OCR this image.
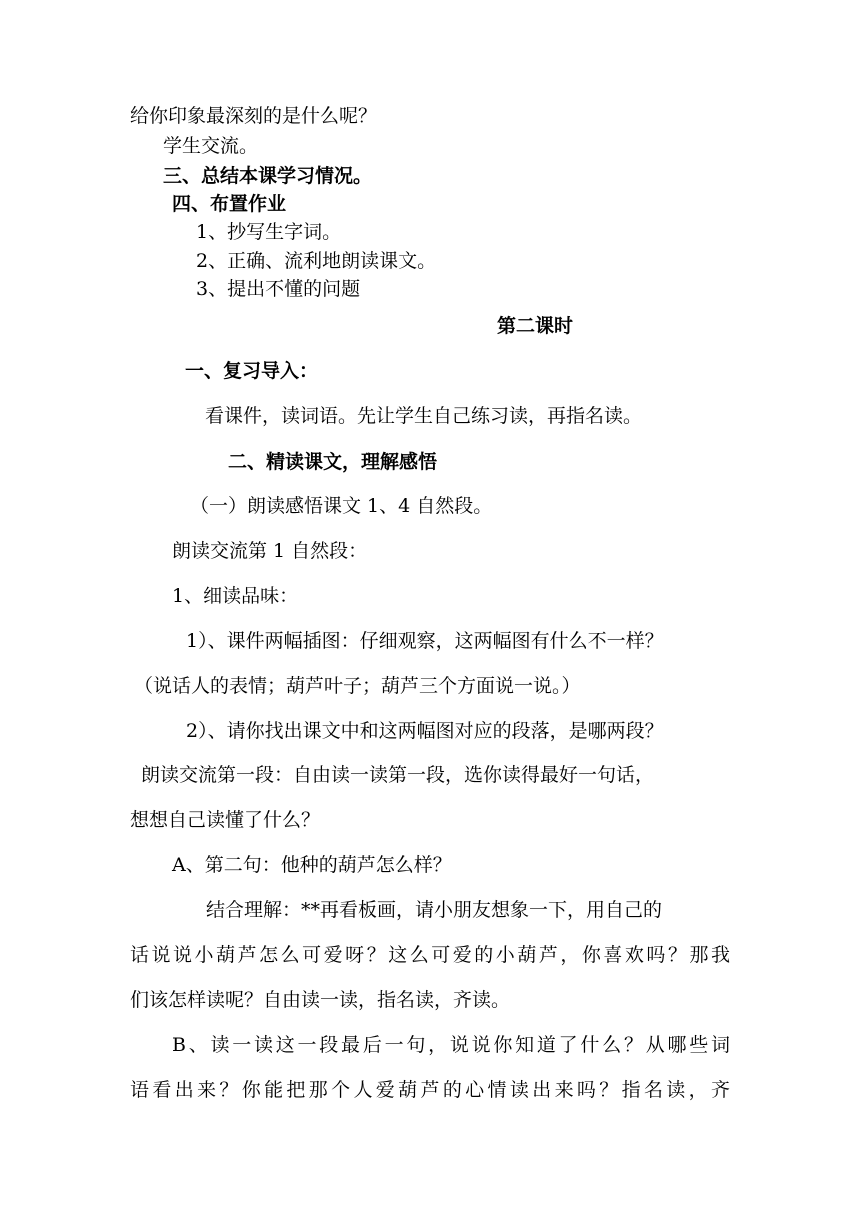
给你印象最深刻的是什么呢？
学生交流。
三、总结本课学习情况。
四、布置作业
1、抄写生字词。
2、正确、流利地朗读课文。
3、提出不懂的问题
第二课时
一、复习导入：
看课件，读词语。先让学生自己练习读，再指名读。
二、精读课文，理解感悟
（一）朗读感悟课文 1、4 自然段。
朗读交流第 1 自然段：
1、细读品味：
1）、课件两幅插图：仔细观察，这两幅图有什么不一样？
（说话人的表情；葫芦叶子；葫芦三个方面说一说。）
2）、请你找出课文中和这两幅图对应的段落，是哪两段？
朗读交流第一段：自由读一读第一段，选你读得最好一句话，
想想自己读懂了什么？
A、第二句：他种的葫芦怎么样？
结合理解：**再看板画，请小朋友想象一下，用自己的
话说说小葫芦怎么可爱呀？这么可爱的小葫芦，你喜欢吗？那我
们该怎样读呢？自由读一读，指名读，齐读。
B、读一读这一段最后一句，说说你知道了什么？从哪些词
语看出来？你能把那个人爱葫芦的心情读出来吗？指名读，齐
